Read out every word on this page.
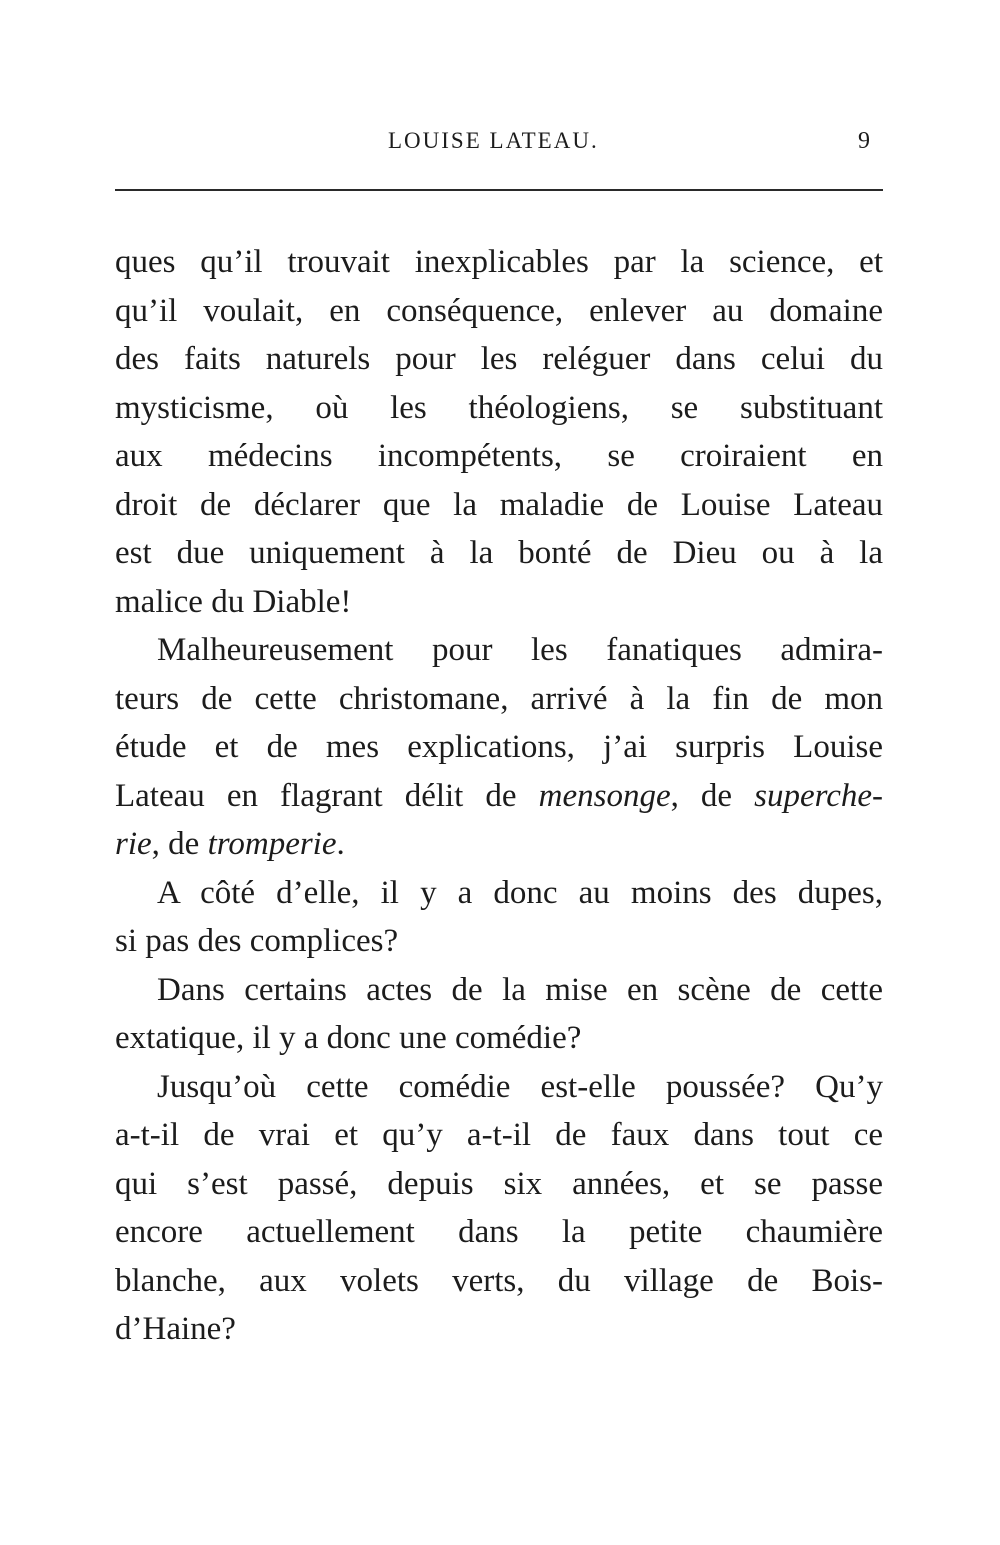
LOUISE LATEAU.	9
ques qu’il trouvait inexplicables par la science, et
qu’il voulait, en conséquence, enlever au domaine
des faits naturels pour les reléguer dans celui du
mysticisme, où les théologiens, se substituant
aux médecins incompétents, se croiraient en
droit de déclarer que la maladie de Louise Lateau
est due uniquement à la bonté de Dieu ou à la
malice du Diable!
Malheureusement pour les fanatiques admira-
teurs de cette christomane, arrivé à la fin de mon
étude et de mes explications, j’ai surpris Louise
Lateau en flagrant délit de mensonge, de superche-
rie, de tromperie.
A côté d’elle, il y a donc au moins des dupes,
si pas des complices?
Dans certains actes de la mise en scène de cette
extatique, il y a donc une comédie?
Jusqu’où cette comédie est-elle poussée? Qu’y
a-t-il de vrai et qu’y a-t-il de faux dans tout ce
qui s’est passé, depuis six années, et se passe
encore actuellement dans la petite chaumière
blanche, aux volets verts, du village de Bois-
d’Haine?
